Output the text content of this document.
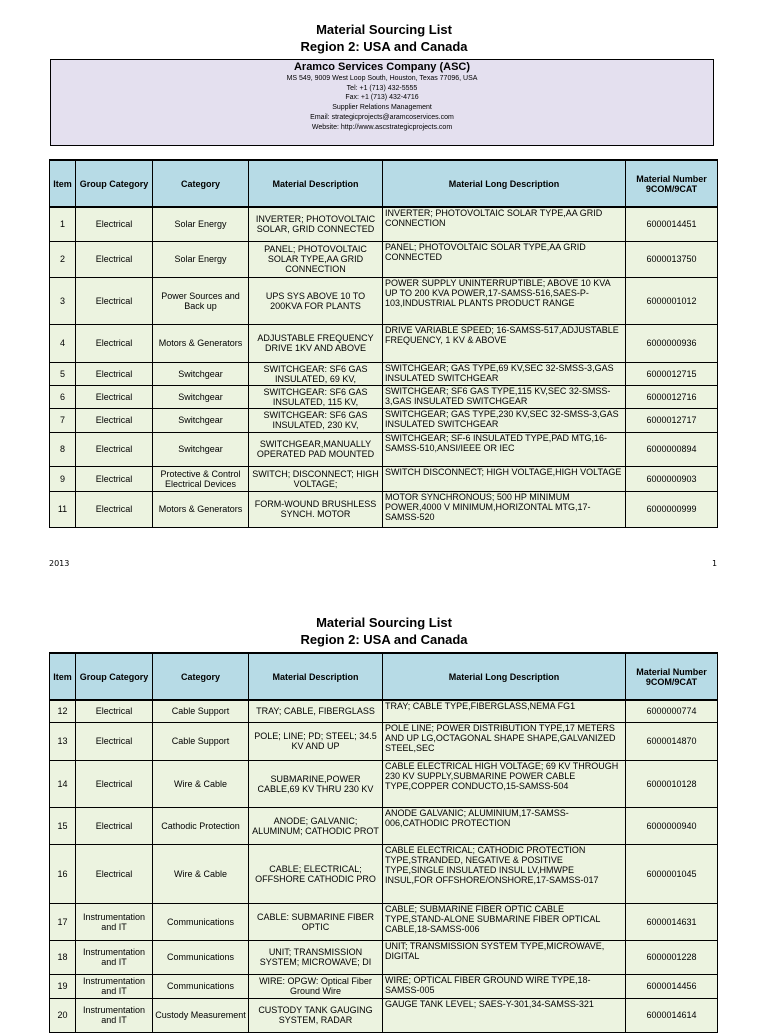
Material Sourcing List
Region 2: USA and Canada
Aramco Services Company (ASC)
MS 549, 9009 West Loop South, Houston, Texas 77096, USA
Tel: +1 (713) 432-5555
Fax: +1 (713) 432-4716
Supplier Relations Management
Email: strategicprojects@aramcoservices.com
Website: http://www.ascstrategicprojects.com
Item	Group Category	Category	Material Description	Material Long Description	Material Number 9COM/9CAT
1	Electrical	Solar Energy	INVERTER; PHOTOVOLTAIC SOLAR, GRID CONNECTED	INVERTER; PHOTOVOLTAIC SOLAR TYPE,AA GRID CONNECTION	6000014451
2	Electrical	Solar Energy	PANEL; PHOTOVOLTAIC SOLAR TYPE,AA GRID CONNECTION	PANEL; PHOTOVOLTAIC SOLAR TYPE,AA GRID CONNECTED	6000013750
3	Electrical	Power Sources and Back up	UPS SYS ABOVE 10 TO 200KVA FOR PLANTS	POWER SUPPLY UNINTERRUPTIBLE; ABOVE 10 KVA UP TO 200 KVA POWER,17-SAMSS-516,SAES-P-103,INDUSTRIAL PLANTS PRODUCT RANGE	6000001012
4	Electrical	Motors & Generators	ADJUSTABLE FREQUENCY DRIVE 1KV AND ABOVE	DRIVE VARIABLE SPEED; 16-SAMSS-517,ADJUSTABLE FREQUENCY, 1 KV & ABOVE	6000000936
5	Electrical	Switchgear	SWITCHGEAR: SF6 GAS INSULATED, 69 KV,	SWITCHGEAR; GAS TYPE,69 KV,SEC 32-SMSS-3,GAS INSULATED SWITCHGEAR	6000012715
6	Electrical	Switchgear	SWITCHGEAR: SF6 GAS INSULATED, 115 KV,	SWITCHGEAR; SF6 GAS TYPE,115 KV,SEC 32-SMSS-3,GAS INSULATED SWITCHGEAR	6000012716
7	Electrical	Switchgear	SWITCHGEAR: SF6 GAS INSULATED, 230 KV,	SWITCHGEAR; GAS TYPE,230 KV,SEC 32-SMSS-3,GAS INSULATED SWITCHGEAR	6000012717
8	Electrical	Switchgear	SWITCHGEAR,MANUALLY OPERATED PAD MOUNTED	SWITCHGEAR; SF-6 INSULATED TYPE,PAD MTG,16-SAMSS-510,ANSI/IEEE OR IEC	6000000894
9	Electrical	Protective & Control Electrical Devices	SWITCH; DISCONNECT; HIGH VOLTAGE;	SWITCH DISCONNECT; HIGH VOLTAGE,HIGH VOLTAGE	6000000903
11	Electrical	Motors & Generators	FORM-WOUND BRUSHLESS SYNCH. MOTOR	MOTOR SYNCHRONOUS; 500 HP MINIMUM POWER,4000 V MINIMUM,HORIZONTAL MTG,17-SAMSS-520	6000000999
2013	1
Material Sourcing List
Region 2: USA and Canada
Item	Group Category	Category	Material Description	Material Long Description	Material Number 9COM/9CAT
12	Electrical	Cable Support	TRAY; CABLE, FIBERGLASS	TRAY; CABLE TYPE,FIBERGLASS,NEMA FG1	6000000774
13	Electrical	Cable Support	POLE; LINE; PD; STEEL; 34.5 KV AND UP	POLE LINE; POWER DISTRIBUTION TYPE,17 METERS AND UP LG,OCTAGONAL SHAPE SHAPE,GALVANIZED STEEL,SEC	6000014870
14	Electrical	Wire & Cable	SUBMARINE,POWER CABLE,69 KV THRU 230 KV	CABLE ELECTRICAL HIGH VOLTAGE; 69 KV THROUGH 230 KV SUPPLY,SUBMARINE POWER CABLE TYPE,COPPER CONDUCTO,15-SAMSS-504	6000010128
15	Electrical	Cathodic Protection	ANODE; GALVANIC; ALUMINUM; CATHODIC PROT	ANODE GALVANIC; ALUMINIUM,17-SAMSS-006,CATHODIC PROTECTION	6000000940
16	Electrical	Wire & Cable	CABLE; ELECTRICAL; OFFSHORE CATHODIC PRO	CABLE ELECTRICAL; CATHODIC PROTECTION TYPE,STRANDED, NEGATIVE & POSITIVE TYPE,SINGLE INSULATED INSUL LV,HMWPE INSUL,FOR OFFSHORE/ONSHORE,17-SAMSS-017	6000001045
17	Instrumentation and IT	Communications	CABLE: SUBMARINE FIBER OPTIC	CABLE; SUBMARINE FIBER OPTIC CABLE TYPE,STAND-ALONE SUBMARINE FIBER OPTICAL CABLE,18-SAMSS-006	6000014631
18	Instrumentation and IT	Communications	UNIT; TRANSMISSION SYSTEM; MICROWAVE; DI	UNIT; TRANSMISSION SYSTEM TYPE,MICROWAVE, DIGITAL	6000001228
19	Instrumentation and IT	Communications	WIRE: OPGW: Optical Fiber Ground Wire	WIRE; OPTICAL FIBER GROUND WIRE TYPE,18-SAMSS-005	6000014456
20	Instrumentation and IT	Custody Measurement	CUSTODY TANK GAUGING SYSTEM, RADAR	GAUGE TANK LEVEL; SAES-Y-301,34-SAMSS-321	6000014614
